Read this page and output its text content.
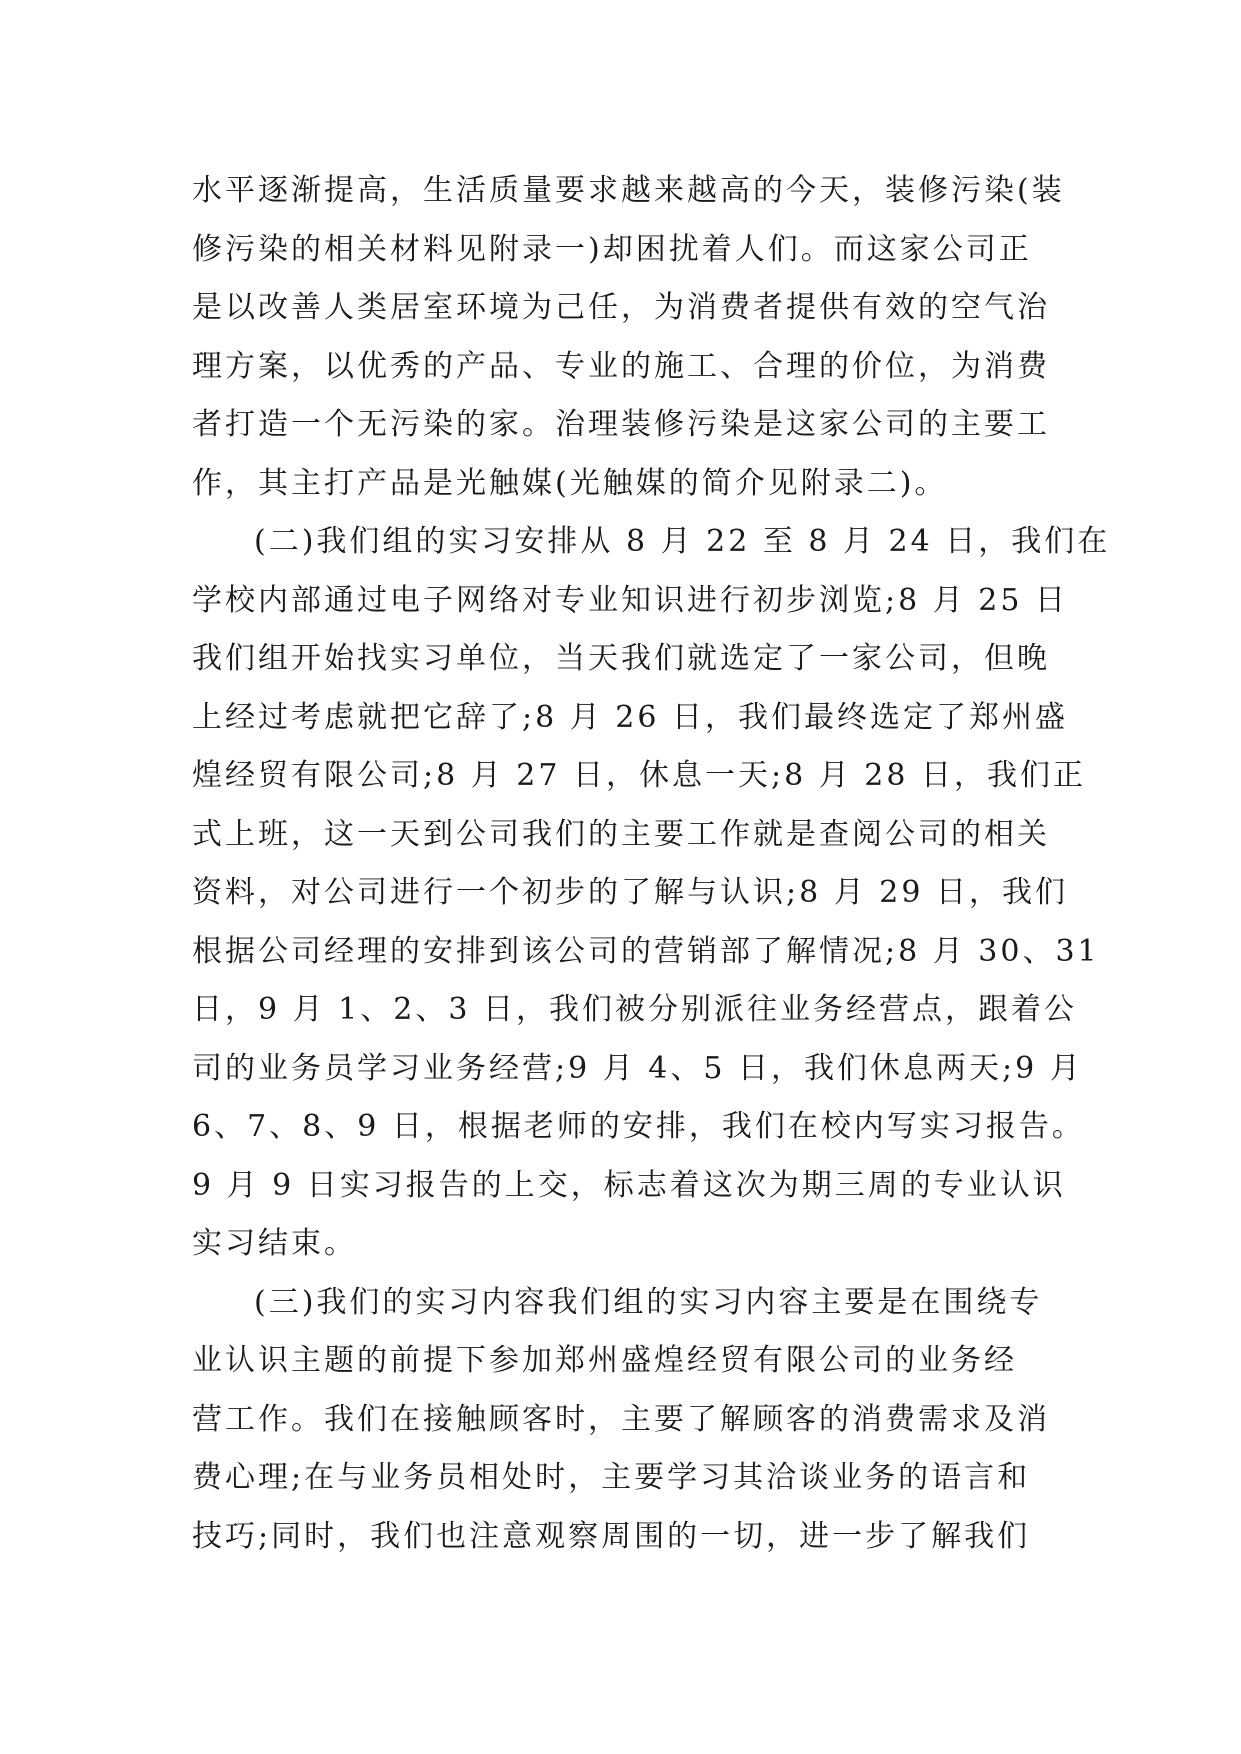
水平逐渐提高，生活质量要求越来越高的今天，装修污染(装
修污染的相关材料见附录一)却困扰着人们。而这家公司正
是以改善人类居室环境为己任，为消费者提供有效的空气治
理方案，以优秀的产品、专业的施工、合理的价位，为消费
者打造一个无污染的家。治理装修污染是这家公司的主要工
作，其主打产品是光触媒(光触媒的简介见附录二)。
(二)我们组的实习安排从 8 月 22 至 8 月 24 日，我们在
学校内部通过电子网络对专业知识进行初步浏览;8 月 25 日
我们组开始找实习单位，当天我们就选定了一家公司，但晚
上经过考虑就把它辞了;8 月 26 日，我们最终选定了郑州盛
煌经贸有限公司;8 月 27 日，休息一天;8 月 28 日，我们正
式上班，这一天到公司我们的主要工作就是查阅公司的相关
资料，对公司进行一个初步的了解与认识;8 月 29 日，我们
根据公司经理的安排到该公司的营销部了解情况;8 月 30、31
日，9 月 1、2、3 日，我们被分别派往业务经营点，跟着公
司的业务员学习业务经营;9 月 4、5 日，我们休息两天;9 月
6、7、8、9 日，根据老师的安排，我们在校内写实习报告。
9 月 9 日实习报告的上交，标志着这次为期三周的专业认识
实习结束。
(三)我们的实习内容我们组的实习内容主要是在围绕专
业认识主题的前提下参加郑州盛煌经贸有限公司的业务经
营工作。我们在接触顾客时，主要了解顾客的消费需求及消
费心理;在与业务员相处时，主要学习其洽谈业务的语言和
技巧;同时，我们也注意观察周围的一切，进一步了解我们
